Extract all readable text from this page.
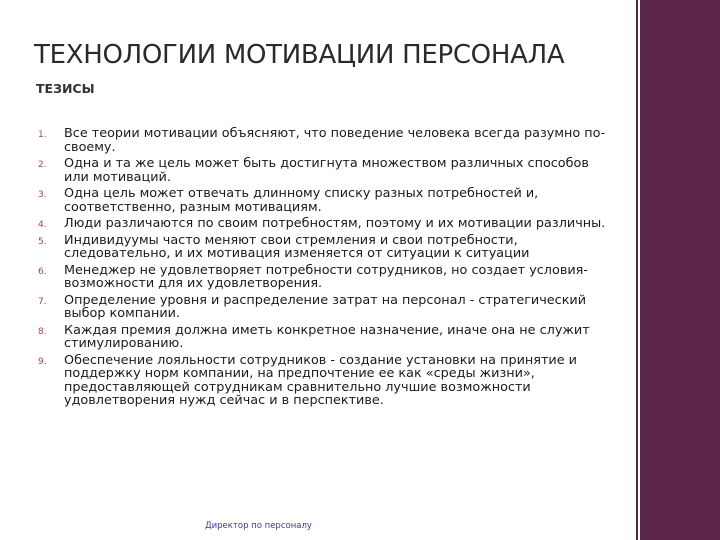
ТЕХНОЛОГИИ МОТИВАЦИИ ПЕРСОНАЛА
ТЕЗИСЫ
1.	Все теории мотивации объясняют, что поведение человека всегда разумно по-своему.
2.	Одна и та же цель может быть достигнута множеством различных способов или мотиваций.
3.	Одна цель может отвечать длинному списку разных потребностей и, соответственно, разным мотивациям.
4.	Люди различаются по своим потребностям, поэтому и их мотивации различны.
5.	Индивидуумы часто меняют свои стремления и свои потребности, следовательно, и их мотивация изменяется от ситуации к ситуации
6.	Менеджер не удовлетворяет потребности сотрудников, но создает условия-возможности для их удовлетворения.
7.	Определение уровня и распределение затрат на персонал - стратегический выбор компании.
8.	Каждая премия должна иметь конкретное назначение, иначе она не служит стимулированию.
9.	Обеспечение лояльности сотрудников - создание установки на принятие и поддержку норм компании, на предпочтение ее как «среды жизни», предоставляющей сотрудникам сравнительно лучшие возможности удовлетворения нужд сейчас и в перспективе.
Директор по персоналу
